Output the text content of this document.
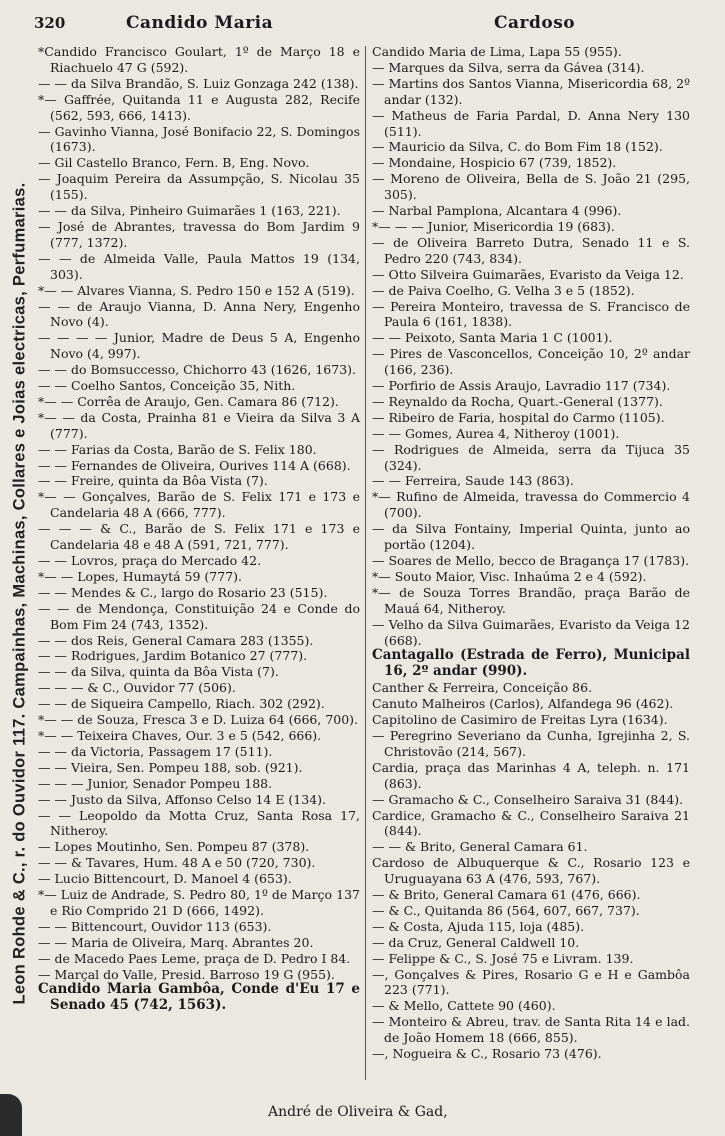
320	Candido Maria	Cardoso
Leon Rohde & C., r. do Ouvidor 117. Campainhas, Machinas, Collares e Joias electricas, Perfumarias.
*Candido Francisco Goulart, 1º de Março 18 e Riachuelo 47 G (592).
— — da Silva Brandão, S. Luiz Gonzaga 242 (138).
*— Gaffrée, Quitanda 11 e Augusta 282, Recife (562, 593, 666, 1413).
— Gavinho Vianna, José Bonifacio 22, S. Domingos (1673).
— Gil Castello Branco, Fern. B, Eng. Novo.
— Joaquim Pereira da Assumpção, S. Nicolau 35 (155).
— — da Silva, Pinheiro Guimarães 1 (163, 221).
— José de Abrantes, travessa do Bom Jardim 9 (777, 1372).
— — de Almeida Valle, Paula Mattos 19 (134, 303).
*— — Alvares Vianna, S. Pedro 150 e 152 A (519).
— — de Araujo Vianna, D. Anna Nery, Engenho Novo (4).
— — — — Junior, Madre de Deus 5 A, Engenho Novo (4, 997).
— — do Bomsuccesso, Chichorro 43 (1626, 1673).
— — Coelho Santos, Conceição 35, Nith.
*— — Corrêa de Araujo, Gen. Camara 86 (712).
*— — da Costa, Prainha 81 e Vieira da Silva 3 A (777).
— — Farias da Costa, Barão de S. Felix 180.
— — Fernandes de Oliveira, Ourives 114 A (668).
— — Freire, quinta da Bôa Vista (7).
*— — Gonçalves, Barão de S. Felix 171 e 173 e Candelaria 48 A (666, 777).
— — — & C., Barão de S. Felix 171 e 173 e Candelaria 48 e 48 A (591, 721, 777).
— — Lovros, praça do Mercado 42.
*— — Lopes, Humaytá 59 (777).
— — Mendes & C., largo do Rosario 23 (515).
— — de Mendonça, Constituição 24 e Conde do Bom Fim 24 (743, 1352).
— — dos Reis, General Camara 283 (1355).
— — Rodrigues, Jardim Botanico 27 (777).
— — da Silva, quinta da Bôa Vista (7).
— — — & C., Ouvidor 77 (506).
— — de Siqueira Campello, Riach. 302 (292).
*— — de Souza, Fresca 3 e D. Luiza 64 (666, 700).
*— — Teixeira Chaves, Our. 3 e 5 (542, 666).
— — da Victoria, Passagem 17 (511).
— — Vieira, Sen. Pompeu 188, sob. (921).
— — — Junior, Senador Pompeu 188.
— — Justo da Silva, Affonso Celso 14 E (134).
— — Leopoldo da Motta Cruz, Santa Rosa 17, Nitheroy.
— Lopes Moutinho, Sen. Pompeu 87 (378).
— — & Tavares, Hum. 48 A e 50 (720, 730).
— Lucio Bittencourt, D. Manoel 4 (653).
*— Luiz de Andrade, S. Pedro 80, 1º de Março 137 e Rio Comprido 21 D (666, 1492).
— — Bittencourt, Ouvidor 113 (653).
— — Maria de Oliveira, Marq. Abrantes 20.
— de Macedo Paes Leme, praça de D. Pedro I 84.
— Marçal do Valle, Presid. Barroso 19 G (955).
Candido Maria Gambôa, Conde d'Eu 17 e Senado 45 (742, 1563).
Candido Maria de Lima, Lapa 55 (955).
— Marques da Silva, serra da Gávea (314).
— Martins dos Santos Vianna, Misericordia 68, 2º andar (132).
— Matheus de Faria Pardal, D. Anna Nery 130 (511).
— Mauricio da Silva, C. do Bom Fim 18 (152).
— Mondaine, Hospicio 67 (739, 1852).
— Moreno de Oliveira, Bella de S. João 21 (295, 305).
— Narbal Pamplona, Alcantara 4 (996).
*— — — Junior, Misericordia 19 (683).
— de Oliveira Barreto Dutra, Senado 11 e S. Pedro 220 (743, 834).
— Otto Silveira Guimarães, Evaristo da Veiga 12.
— de Paiva Coelho, G. Velha 3 e 5 (1852).
— Pereira Monteiro, travessa de S. Francisco de Paula 6 (161, 1838).
— — Peixoto, Santa Maria 1 C (1001).
— Pires de Vasconcellos, Conceição 10, 2º andar (166, 236).
— Porfirio de Assis Araujo, Lavradio 117 (734).
— Reynaldo da Rocha, Quart.-General (1377).
— Ribeiro de Faria, hospital do Carmo (1105).
— — Gomes, Aurea 4, Nitheroy (1001).
— Rodrigues de Almeida, serra da Tijuca 35 (324).
— — Ferreira, Saude 143 (863).
*— Rufino de Almeida, travessa do Commercio 4 (700).
— da Silva Fontainy, Imperial Quinta, junto ao portão (1204).
— Soares de Mello, becco de Bragança 17 (1783).
*— Souto Maior, Visc. Inhaúma 2 e 4 (592).
*— de Souza Torres Brandão, praça Barão de Mauá 64, Nitheroy.
— Velho da Silva Guimarães, Evaristo da Veiga 12 (668).
Cantagallo (Estrada de Ferro), Municipal 16, 2º andar (990).
Canther & Ferreira, Conceição 86.
Canuto Malheiros (Carlos), Alfandega 96 (462).
Capitolino de Casimiro de Freitas Lyra (1634).
— Peregrino Severiano da Cunha, Igrejinha 2, S. Christovão (214, 567).
Cardia, praça das Marinhas 4 A, teleph. n. 171 (863).
— Gramacho & C., Conselheiro Saraiva 31 (844).
Cardice, Gramacho & C., Conselheiro Saraiva 21 (844).
— — & Brito, General Camara 61.
Cardoso de Albuquerque & C., Rosario 123 e Uruguayana 63 A (476, 593, 767).
— & Brito, General Camara 61 (476, 666).
— & C., Quitanda 86 (564, 607, 667, 737).
— & Costa, Ajuda 115, loja (485).
— da Cruz, General Caldwell 10.
— Felippe & C., S. José 75 e Livram. 139.
—, Gonçalves & Pires, Rosario G e H e Gambôa 223 (771).
— & Mello, Cattete 90 (460).
— Monteiro & Abreu, trav. de Santa Rita 14 e lad. de João Homem 18 (666, 855).
—, Nogueira & C., Rosario 73 (476).
André de Oliveira & Gad,
